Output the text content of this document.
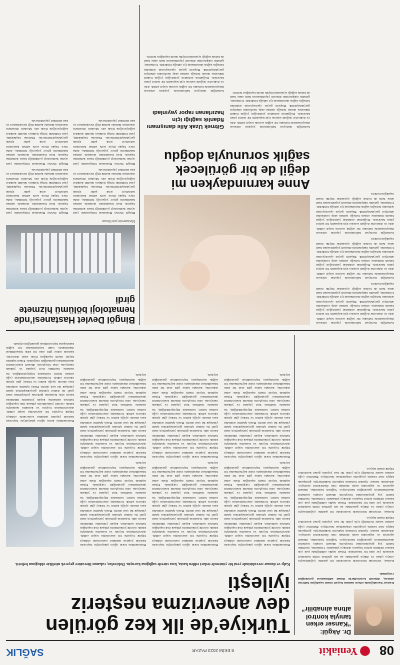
08
Yeniakit
8 EKİM 2023 PAZAR
SAĞLIK

Dr. Akgül: “Kanser erken tanıyla kontrol altına alınabilir”

Kanser hastalığında erken tanının hayati önem taşıdığını belirten uzman, düzenli kontrollerin ihmal edilmemesi gerektiğini vurguladı.

Kanser, vücuttaki hücrelerin kontrolsüz bir şekilde çoğalmasıyla ortaya çıkan ve dünya genelinde en sık görülen ölüm nedenleri arasında yer alan bir hastalıktır. Erken teşhis edildiğinde pek çok kanser türünün tedavi başarısı oldukça yüksektir. Uzmanlar, özellikle belirli yaş gruplarındaki bireylerin düzenli tarama testlerini aksatmamaları gerektiğini hatırlatıyor. Sağlıklı beslenme, düzenli egzersiz ve sigaradan uzak durmak risk faktörlerini azaltıyor. Ailesinde kanser öyküsü bulunan kişilerin hekimleriyle görüşerek kişiye özel tarama programı oluşturması öneriliyor. Belirtiler çoğu zaman sessiz ilerlediği için yılda bir kez yapılan genel kontroller büyük önem taşıyor.

Kanser, vücuttaki hücrelerin kontrolsüz bir şekilde çoğalmasıyla ortaya çıkan ve dünya genelinde en sık görülen ölüm nedenleri arasında yer alan bir hastalıktır. Erken teşhis edildiğinde pek çok kanser türünün tedavi başarısı oldukça yüksektir. Uzmanlar, özellikle belirli yaş gruplarındaki bireylerin düzenli tarama testlerini aksatmamaları gerektiğini hatırlatıyor. Sağlıklı beslenme, düzenli egzersiz ve sigaradan uzak durmak risk faktörlerini azaltıyor. Ailesinde kanser öyküsü bulunan kişilerin hekimleriyle görüşerek kişiye özel tarama programı oluşturması öneriliyor. Belirtiler çoğu zaman sessiz ilerlediği için yılda bir kez yapılan genel kontroller büyük önem taşıyor.

Türkiye’de ilk kez görülen dev anevrizma neşteriz iyileşti

Kalp ve damar cerrahisinde yeni bir yöntemle tedavi edilen hasta, kısa sürede sağlığına kavuştu. Doktorlar, vakanın literatüre geçecek nitelikte olduğunu belirtti.

Hastanemize karın ağrısı şikayetiyle başvuran hastada yapılan tetkikler sonucunda oldukça büyük boyutlu bir anevrizma tespit edildi. Anevrizmanın boyutu ve konumu nedeniyle klasik cerrahi yöntemlerin yüksek risk taşıdığını belirten uzmanlar, kapalı yöntemle müdahale kararı aldı. Kasıktan girilerek yerleştirilen stent greft ile damar içinden gerçekleştirilen işlem yaklaşık iki saat sürdü. Hasta işlemin ardından kısa sürede ayağa kalktı ve birkaç gün içinde taburcu edildi. Uzmanlar, anevrizmaların çoğu zaman belirti vermeden büyüyebildiğini, bu nedenle özellikle ileri yaştaki ve yüksek tansiyonu olan bireylerin düzenli kontrollerini aksatmaması gerektiğini vurguladı. Erken teşhisin hayati önem taşıdığını ifade eden doktorlar, karında nabız gibi atan bir kitle hissedilmesi durumunda vakit kaybetmeden bir sağlık kuruluşuna başvurulması gerektiğini söyledi.

Hastanemize karın ağrısı şikayetiyle başvuran hastada yapılan tetkikler sonucunda oldukça büyük boyutlu bir anevrizma tespit edildi. Anevrizmanın boyutu ve konumu nedeniyle klasik cerrahi yöntemlerin yüksek risk taşıdığını belirten uzmanlar, kapalı yöntemle müdahale kararı aldı. Kasıktan girilerek yerleştirilen stent greft ile damar içinden gerçekleştirilen işlem yaklaşık iki saat sürdü. Hasta işlemin ardından kısa sürede ayağa kalktı ve birkaç gün içinde taburcu edildi. Uzmanlar, anevrizmaların çoğu zaman belirti vermeden büyüyebildiğini, bu nedenle özellikle ileri yaştaki ve yüksek tansiyonu olan bireylerin düzenli kontrollerini aksatmaması gerektiğini vurguladı. Erken teşhisin hayati önem taşıdığını ifade eden doktorlar, karında nabız gibi atan bir kitle hissedilmesi durumunda vakit kaybetmeden bir sağlık kuruluşuna başvurulması gerektiğini söyledi.

Hastanemize karın ağrısı şikayetiyle başvuran hastada yapılan tetkikler sonucunda oldukça büyük boyutlu bir anevrizma tespit edildi. Anevrizmanın boyutu ve konumu nedeniyle klasik cerrahi yöntemlerin yüksek risk taşıdığını belirten uzmanlar, kapalı yöntemle müdahale kararı aldı. Kasıktan girilerek yerleştirilen stent greft ile damar içinden gerçekleştirilen işlem yaklaşık iki saat sürdü. Hasta işlemin ardından kısa sürede ayağa kalktı ve birkaç gün içinde taburcu edildi. Uzmanlar, anevrizmaların çoğu zaman belirti vermeden büyüyebildiğini, bu nedenle özellikle ileri yaştaki ve yüksek tansiyonu olan bireylerin düzenli kontrollerini aksatmaması gerektiğini vurguladı. Erken teşhisin hayati önem taşıdığını ifade eden doktorlar, karında nabız gibi atan bir kitle hissedilmesi durumunda vakit kaybetmeden bir sağlık kuruluşuna başvurulması gerektiğini söyledi.

Hastanemize karın ağrısı şikayetiyle başvuran hastada yapılan tetkikler sonucunda oldukça büyük boyutlu bir anevrizma tespit edildi. Anevrizmanın boyutu ve konumu nedeniyle klasik cerrahi yöntemlerin yüksek risk taşıdığını belirten uzmanlar, kapalı yöntemle müdahale kararı aldı. Kasıktan girilerek yerleştirilen stent greft ile damar içinden gerçekleştirilen işlem yaklaşık iki saat sürdü. Hasta işlemin ardından kısa sürede ayağa kalktı ve birkaç gün içinde taburcu edildi. Uzmanlar, anevrizmaların çoğu zaman belirti vermeden büyüyebildiğini, bu nedenle özellikle ileri yaştaki ve yüksek tansiyonu olan bireylerin düzenli kontrollerini aksatmaması gerektiğini vurguladı. Erken teşhisin hayati önem taşıdığını ifade eden doktorlar, karında nabız gibi atan bir kitle hissedilmesi durumunda vakit kaybetmeden bir sağlık kuruluşuna başvurulması gerektiğini söyledi.

Hastanemize karın ağrısı şikayetiyle başvuran hastada yapılan tetkikler sonucunda oldukça büyük boyutlu bir anevrizma tespit edildi. Anevrizmanın boyutu ve konumu nedeniyle klasik cerrahi yöntemlerin yüksek risk taşıdığını belirten uzmanlar, kapalı yöntemle müdahale kararı aldı. Kasıktan girilerek yerleştirilen stent greft ile damar içinden gerçekleştirilen işlem yaklaşık iki saat sürdü. Hasta işlemin ardından kısa sürede ayağa kalktı ve birkaç gün içinde taburcu edildi. Uzmanlar, anevrizmaların çoğu zaman belirti vermeden büyüyebildiğini, bu nedenle özellikle ileri yaştaki ve yüksek tansiyonu olan bireylerin düzenli kontrollerini aksatmaması gerektiğini vurguladı. Erken teşhisin hayati önem taşıdığını ifade eden doktorlar, karında nabız gibi atan bir kitle hissedilmesi durumunda vakit kaybetmeden bir sağlık kuruluşuna başvurulması gerektiğini söyledi.

Hastanemize karın ağrısı şikayetiyle başvuran hastada yapılan tetkikler sonucunda oldukça büyük boyutlu bir anevrizma tespit edildi. Anevrizmanın boyutu ve konumu nedeniyle klasik cerrahi yöntemlerin yüksek risk taşıdığını belirten uzmanlar, kapalı yöntemle müdahale kararı aldı. Kasıktan girilerek yerleştirilen stent greft ile damar içinden gerçekleştirilen işlem yaklaşık iki saat sürdü. Hasta işlemin ardından kısa sürede ayağa kalktı ve birkaç gün içinde taburcu edildi. Uzmanlar, anevrizmaların çoğu zaman belirti vermeden büyüyebildiğini, bu nedenle özellikle ileri yaştaki ve yüksek tansiyonu olan bireylerin düzenli kontrollerini aksatmaması gerektiğini vurguladı. Erken teşhisin hayati önem taşıdığını ifade eden doktorlar, karında nabız gibi atan bir kitle hissedilmesi durumunda vakit kaybetmeden bir sağlık kuruluşuna başvurulması gerektiğini söyledi.

Hastanemize karın ağrısı şikayetiyle başvuran hastada yapılan tetkikler sonucunda oldukça büyük boyutlu bir anevrizma tespit edildi. Anevrizmanın boyutu ve konumu nedeniyle klasik cerrahi yöntemlerin yüksek risk taşıdığını belirten uzmanlar, kapalı yöntemle müdahale kararı aldı. Kasıktan girilerek yerleştirilen stent greft ile damar içinden gerçekleştirilen işlem yaklaşık iki saat sürdü. Hasta işlemin ardından kısa sürede ayağa kalktı ve birkaç gün içinde taburcu edildi. Uzmanlar, anevrizmaların çoğu zaman belirti vermeden büyüyebildiğini, bu nedenle özellikle ileri yaştaki ve yüksek tansiyonu olan bireylerin düzenli kontrollerini aksatmaması gerektiğini vurguladı. Erken teşhisin hayati önem taşıdığını ifade eden doktorlar, karında nabız gibi atan bir kitle hissedilmesi durumunda vakit kaybetmeden bir sağlık kuruluşuna başvurulması gerektiğini söyledi.

Gebeliğin ilerleyen haftalarında yapılan ultrason muayenesinde bebekte bir sağlık sorunu tespit edildi. Aile ve doktorlar doğum sonrası için kapsamlı bir tedavi planı hazırladı. Doğumun ardından yenidoğan yoğun bakım ünitesine alınan bebeğe uzman ekip tarafından ameliyat gerçekleştirildi. Başarılı geçen operasyonun ardından bebeğin sağlık durumunun iyi olduğu bildirildi. Uzmanlar, gebelik takiplerinin düzenli yapılmasının hem anne hem de bebek sağlığı açısından büyük önem taşıdığını belirtti.

Gebeliğin ilerleyen haftalarında yapılan ultrason muayenesinde bebekte bir sağlık sorunu tespit edildi. Aile ve doktorlar doğum sonrası için kapsamlı bir tedavi planı hazırladı. Doğumun ardından yenidoğan yoğun bakım ünitesine alınan bebeğe uzman ekip tarafından ameliyat gerçekleştirildi. Başarılı geçen operasyonun ardından bebeğin sağlık durumunun iyi olduğu bildirildi. Uzmanlar, gebelik takiplerinin düzenli yapılmasının hem anne hem de bebek sağlığı açısından büyük önem taşıdığını belirtti.

Gebeliğin ilerleyen haftalarında yapılan ultrason muayenesinde bebekte bir sağlık sorunu tespit edildi. Aile ve doktorlar doğum sonrası için kapsamlı bir tedavi planı hazırladı. Doğumun ardından yenidoğan yoğun bakım ünitesine alınan bebeğe uzman ekip tarafından ameliyat gerçekleştirildi. Başarılı geçen operasyonun ardından bebeğin sağlık durumunun iyi olduğu bildirildi. Uzmanlar, gebelik takiplerinin düzenli yapılmasının hem anne hem de bebek sağlığı açısından büyük önem taşıdığını belirtti.

Anne karnındayken mi değil de bir görülecek sağlık sorunuyla doğdu

Gebeliğin ilerleyen haftalarında yapılan ultrason muayenesinde bebekte bir sağlık sorunu tespit edildi. Aile ve doktorlar doğum sonrası için kapsamlı bir tedavi planı hazırladı. Doğumun ardından yenidoğan yoğun bakım ünitesine alınan bebeğe uzman ekip tarafından ameliyat gerçekleştirildi. Başarılı geçen operasyonun ardından bebeğin sağlık durumunun iyi olduğu bildirildi. Uzmanlar, gebelik takiplerinin düzenli yapılmasının hem anne hem de bebek sağlığı açısından büyük önem taşıdığını belirtti.

Gitmek Uzak Aile danışmanı fidanlık sağlığı için hazırlanan rapor yayınladı

Gebeliğin ilerleyen haftalarında yapılan ultrason muayenesinde bebekte bir sağlık sorunu tespit edildi. Aile ve doktorlar doğum sonrası için kapsamlı bir tedavi planı hazırladı. Doğumun ardından yenidoğan yoğun bakım ünitesine alınan bebeğe uzman ekip tarafından ameliyat gerçekleştirildi. Başarılı geçen operasyonun ardından bebeğin sağlık durumunun iyi olduğu bildirildi. Uzmanlar, gebelik takiplerinin düzenli yapılmasının hem anne hem de bebek sağlığı açısından büyük önem taşıdığını belirtti.

Bingöl Devlet Hastanesi’nde hematoloji bölümü hizmete girdi
Hastanenin yeni binası

Bingöl Devlet Hastanesi bünyesinde yeni açılan hematoloji polikliniği hasta kabulüne başladı. Kan hastalıkları alanında uzman hekimlerin görev yapacağı bölümde, daha önce başka illere sevk edilen hastaların tedavileri artık şehir içinde gerçekleştirilebilecek. Hastane başhekimi, yeni bölümün bölge halkına önemli katkılar sağlayacağını ifade etti. Modern cihazlarla donatılan ünitede kemik iliği incelemeleri ve kan tahlilleri yapılabilecek.

Bingöl Devlet Hastanesi bünyesinde yeni açılan hematoloji polikliniği hasta kabulüne başladı. Kan hastalıkları alanında uzman hekimlerin görev yapacağı bölümde, daha önce başka illere sevk edilen hastaların tedavileri artık şehir içinde gerçekleştirilebilecek. Hastane başhekimi, yeni bölümün bölge halkına önemli katkılar sağlayacağını ifade etti. Modern cihazlarla donatılan ünitede kemik iliği incelemeleri ve kan tahlilleri yapılabilecek.

Bingöl Devlet Hastanesi bünyesinde yeni açılan hematoloji polikliniği hasta kabulüne başladı. Kan hastalıkları alanında uzman hekimlerin görev yapacağı bölümde, daha önce başka illere sevk edilen hastaların tedavileri artık şehir içinde gerçekleştirilebilecek. Hastane başhekimi, yeni bölümün bölge halkına önemli katkılar sağlayacağını ifade etti. Modern cihazlarla donatılan ünitede kemik iliği incelemeleri ve kan tahlilleri yapılabilecek.

Bingöl Devlet Hastanesi bünyesinde yeni açılan hematoloji polikliniği hasta kabulüne başladı. Kan hastalıkları alanında uzman hekimlerin görev yapacağı bölümde, daha önce başka illere sevk edilen hastaların tedavileri artık şehir içinde gerçekleştirilebilecek. Hastane başhekimi, yeni bölümün bölge halkına önemli katkılar sağlayacağını ifade etti. Modern cihazlarla donatılan ünitede kemik iliği incelemeleri ve kan tahlilleri yapılabilecek.
